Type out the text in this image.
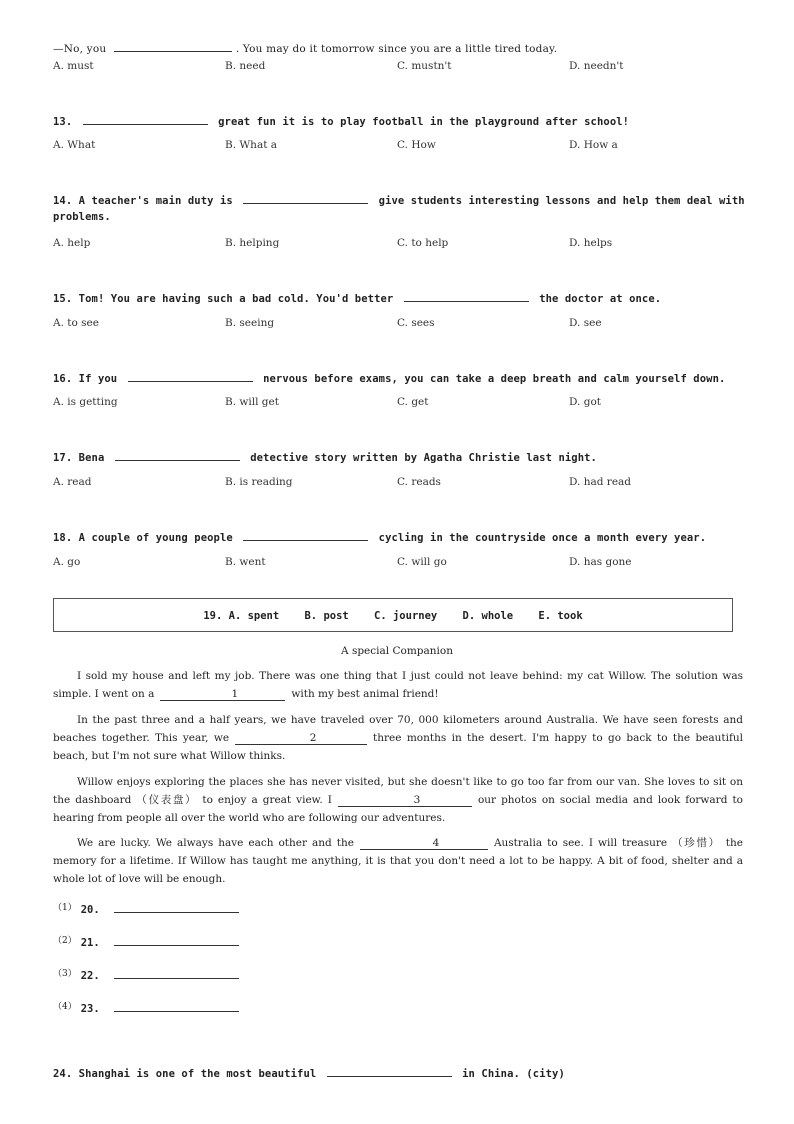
—No, you	. You may do it tomorrow since you are a little tired today.
A. must	B. need	C. mustn't	D. needn't
13.	great fun it is to play football in the playground after school!
A. What	B. What a	C. How	D. How a
14. A teacher's main duty is	give students interesting lessons and help them deal with
problems.
A. help	B. helping	C. to help	D. helps
15. Tom! You are having such a bad cold. You'd better	the doctor at once.
A. to see	B. seeing	C. sees	D. see
16. If you	nervous before exams, you can take a deep breath and calm yourself down.
A. is getting	B. will get	C. get	D. got
17. Bena	detective story written by Agatha Christie last night.
A. read	B. is reading	C. reads	D. had read
18. A couple of young people	cycling in the countryside once a month every year.
A. go	B. went	C. will go	D. has gone
19. A. spent    B. post    C. journey    D. whole    E. took
A special Companion
I sold my house and left my job. There was one thing that I just could not leave behind: my cat Willow. The solution was simple. I went on a	1	with my best animal friend!
In the past three and a half years, we have traveled over 70, 000 kilometers around Australia. We have seen forests and beaches together. This year, we	2	three months in the desert. I'm happy to go back to the beautiful beach, but I'm not sure what Willow thinks.
Willow enjoys exploring the places she has never visited, but she doesn't like to go too far from our van. She loves to sit on the dashboard （仪表盘） to enjoy a great view. I	3	our photos on social media and look forward to hearing from people all over the world who are following our adventures.
We are lucky. We always have each other and the	4	Australia to see. I will treasure （珍惜） the memory for a lifetime. If Willow has taught me anything, it is that you don't need a lot to be happy. A bit of food, shelter and a whole lot of love will be enough.
（1） 20.
（2） 21.
（3） 22.
（4） 23.
24. Shanghai is one of the most beautiful	in China. (city)
